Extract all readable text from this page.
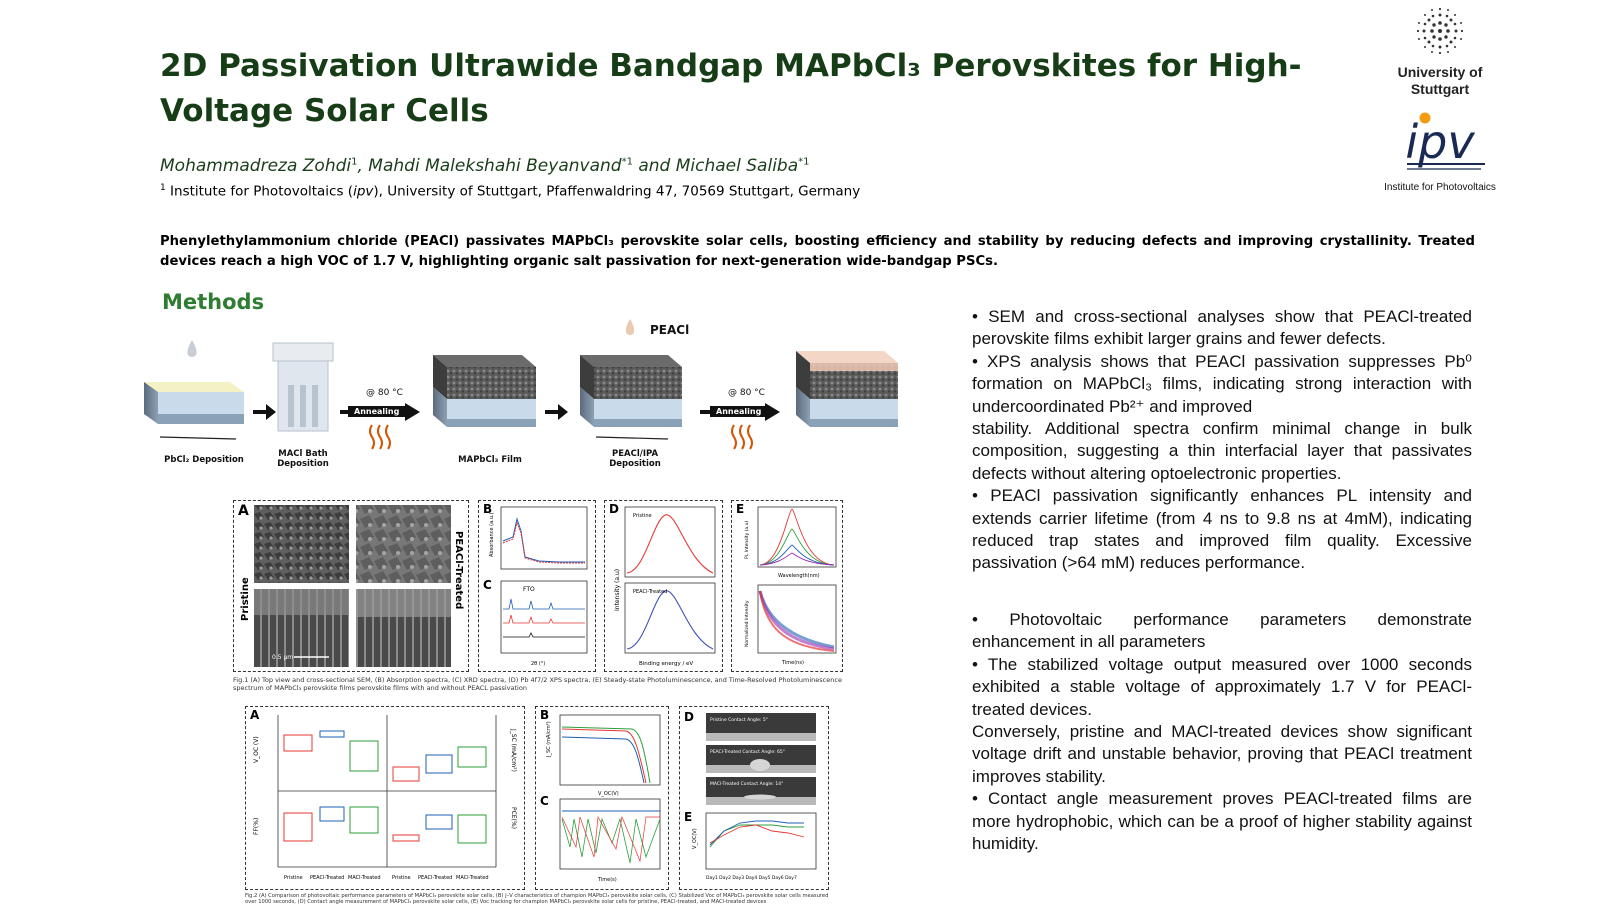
2D Passivation Ultrawide Bandgap MAPbCl₃ Perovskites for High-Voltage Solar Cells
Mohammadreza Zohdi$^1$, Mahdi Malekshahi Beyanvand$^{*1}$ and Michael Saliba$^{*1}$
$^1$ Institute for Photovoltaics (ipv), University of Stuttgart, Pfaffenwaldring 47, 70569 Stuttgart, Germany
Phenylethylammonium chloride (PEACl) passivates MAPbCl₃ perovskite solar cells, boosting efficiency and stability by reducing defects and improving crystallinity. Treated devices reach a high VOC of 1.7 V, highlighting organic salt passivation for next-generation wide-bandgap PSCs.
University of
Stuttgart
ipv
Institute for Photovoltaics
Methods
@ 80 °C
Annealing
@ 80 °C
Annealing
PEACl
PbCl₂ Deposition
MACl Bath Deposition	MAPbCl₃ Film
PEACl/IPA Deposition
A
Pristine	PEACl-Treated
0.5 μm
B
Absorbance (a.u.)
C	FTO
2θ (°)
D	Pristine
PEACl-Treated
Intensity (a.u)
Binding energy / eV
E
Wavelength(nm)
PL Intensity (a.u)
Time(ns)
Normalized Intensity
Fig.1 (A) Top view and cross-sectional SEM, (B) Absorption spectra, (C) XRD spectra, (D) Pb 4f7/2 XPS spectra, (E) Steady-state Photoluminescence, and Time-Resolved Photoluminescence spectrum of MAPbCl₃ perovskite films perovskite films with and without PEACL passivation
A
V_OC (V)	J_SC (mA/cm²)
FF(%)	PCE(%)
Pristine PEACl-Treated MACl-Treated Pristine PEACl-Treated MACl-Treated
B
J_SC (mA/cm²)
V_OC(V)
C
Time(s)
D	Pristine Contact Angle: 5°
PEACl-Treated Contact Angle: 65°
MACl-Treated Contact Angle: 14°
E
V_OC(V)
Day1 Day2 Day3 Day4 Day5 Day6 Day7
Fig.2 (A) Comparison of photovoltaic performance parameters of MAPbCl₃ perovskite solar cells, (B) J–V characteristics of champion MAPbCl₃ perovskite solar cells, (C) Stabilized Voc of MAPbCl₃ perovskite solar cells measured over 1000 seconds, (D) Contact angle measurement of MAPbCl₃ perovskite solar cells, (E) Voc tracking for champion MAPbCl₃ perovskite solar cells for pristine, PEACl-treated, and MACl-treated devices

• SEM and cross-sectional analyses show that PEACl-treated perovskite films exhibit larger grains and fewer defects.

• XPS analysis shows that PEACl passivation suppresses Pb⁰ formation on MAPbCl₃ films, indicating strong interaction with undercoordinated Pb²⁺ and improved

stability. Additional spectra confirm minimal change in bulk composition, suggesting a thin interfacial layer that passivates defects without altering optoelectronic properties.

• PEACl passivation significantly enhances PL intensity and extends carrier lifetime (from 4 ns to 9.8 ns at 4mM), indicating reduced trap states and improved film quality. Excessive passivation (>64 mM) reduces performance.

• Photovoltaic performance parameters demonstrate enhancement in all parameters

• The stabilized voltage output measured over 1000 seconds exhibited a stable voltage of approximately 1.7 V for PEACl-treated devices.

Conversely, pristine and MACl-treated devices show significant voltage drift and unstable behavior, proving that PEACl treatment improves stability.

• Contact angle measurement proves PEACl-treated films are more hydrophobic, which can be a proof of higher stability against humidity.
